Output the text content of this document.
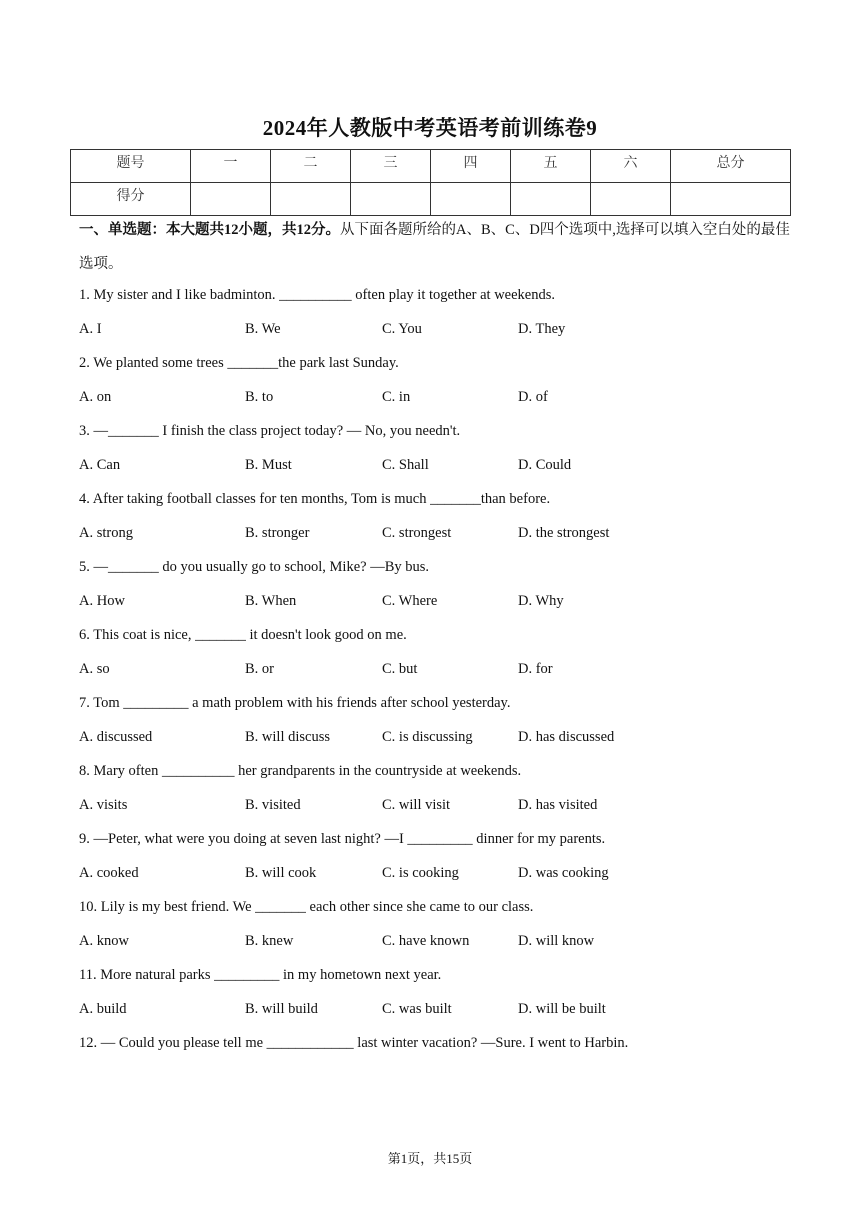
2024年人教版中考英语考前训练卷9
题号	一	二	三	四	五	六	总分
得分							
一、单选题：本大题共12小题，共12分。从下面各题所给的A、B、C、D四个选项中,选择可以填入空白处的最佳选项。
1. My sister and I like badminton. __________ often play it together at weekends.
A. I	B. We	C. You	D. They
2. We planted some trees _______the park last Sunday.
A. on	B. to	C. in	D. of
3. —_______ I finish the class project today? — No, you needn't.
A. Can	B. Must	C. Shall	D. Could
4. After taking football classes for ten months, Tom is much _______than before.
A. strong	B. stronger	C. strongest	D. the strongest
5. —_______ do you usually go to school, Mike? —By bus.
A. How	B. When	C. Where	D. Why
6. This coat is nice, _______ it doesn't look good on me.
A. so	B. or	C. but	D. for
7. Tom _________ a math problem with his friends after school yesterday.
A. discussed	B. will discuss	C. is discussing	D. has discussed
8. Mary often __________ her grandparents in the countryside at weekends.
A. visits	B. visited	C. will visit	D. has visited
9. —Peter, what were you doing at seven last night? —I _________ dinner for my parents.
A. cooked	B. will cook	C. is cooking	D. was cooking
10. Lily is my best friend. We _______ each other since she came to our class.
A. know	B. knew	C. have known	D. will know
11. More natural parks _________ in my hometown next year.
A. build	B. will build	C. was built	D. will be built
12. — Could you please tell me ____________ last winter vacation? —Sure. I went to Harbin.
第1页，共15页
